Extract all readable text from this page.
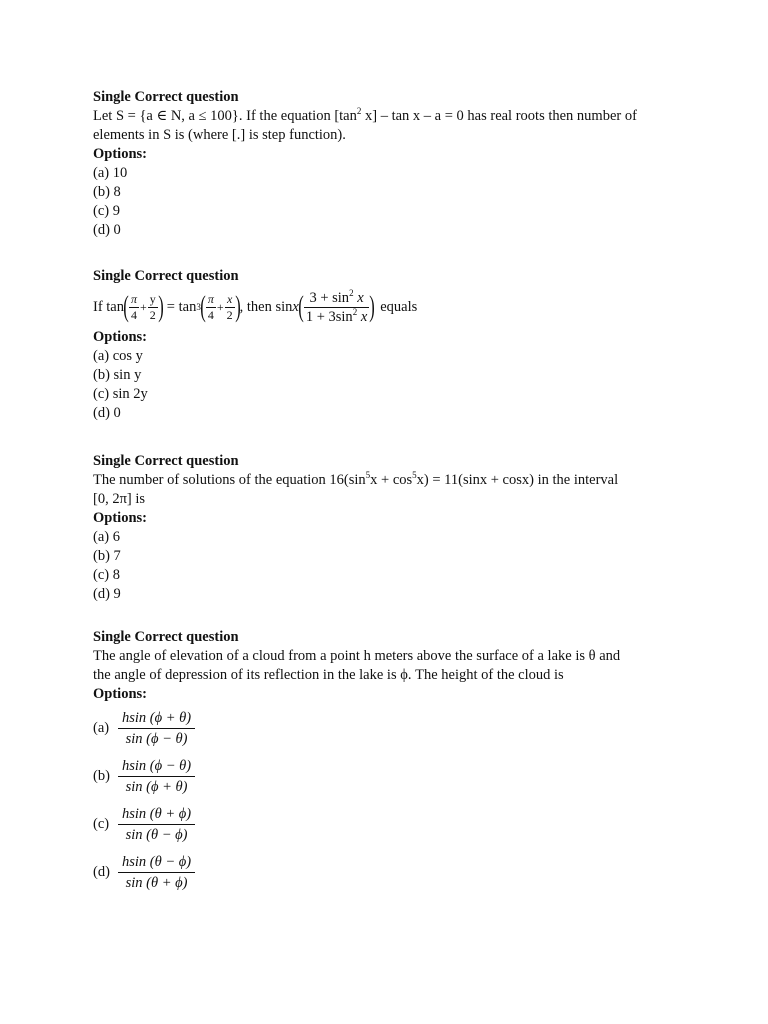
Single Correct question
Let S = {a ∈ N, a ≤ 100}. If the equation [$\tan^2$ x] – tan x – a = 0 has real roots then number of
elements in S is (where [.] is step function).
Options:
(a) 10
(b) 8
(c) 9
(d) 0
Single Correct question
If tan ( $\frac{\pi}{4} + \frac{y}{2}$ ) = tan 3 ( $\frac{\pi}{4} + \frac{x}{2}$ ) , then sin x ( $\frac{3 + \sin^2 x}{1 + 3\sin^2 x}$ ) equals
Options:
(a) cos y
(b) sin y
(c) sin 2y
(d) 0
Single Correct question
The number of solutions of the equation $16(\sin^5x + \cos^5x) = 11(\sin x + \cos x)$ in the interval
[0, 2π] is
Options:
(a) 6
(b) 7
(c) 8
(d) 9
Single Correct question
The angle of elevation of a cloud from a point h meters above the surface of a lake is θ and
the angle of depression of its reflection in the lake is ϕ. The height of the cloud is
Options:
$(a) \frac{hsin (\phi + \theta)}{\sin (\phi - \theta)}$
$(b) \frac{hsin (\phi - \theta)}{\sin (\phi + \theta)}$
$(c) \frac{hsin (\theta + \phi)}{\sin (\theta - \phi)}$
$(d) \frac{hsin (\theta - \phi)}{\sin (\theta + \phi)}$
